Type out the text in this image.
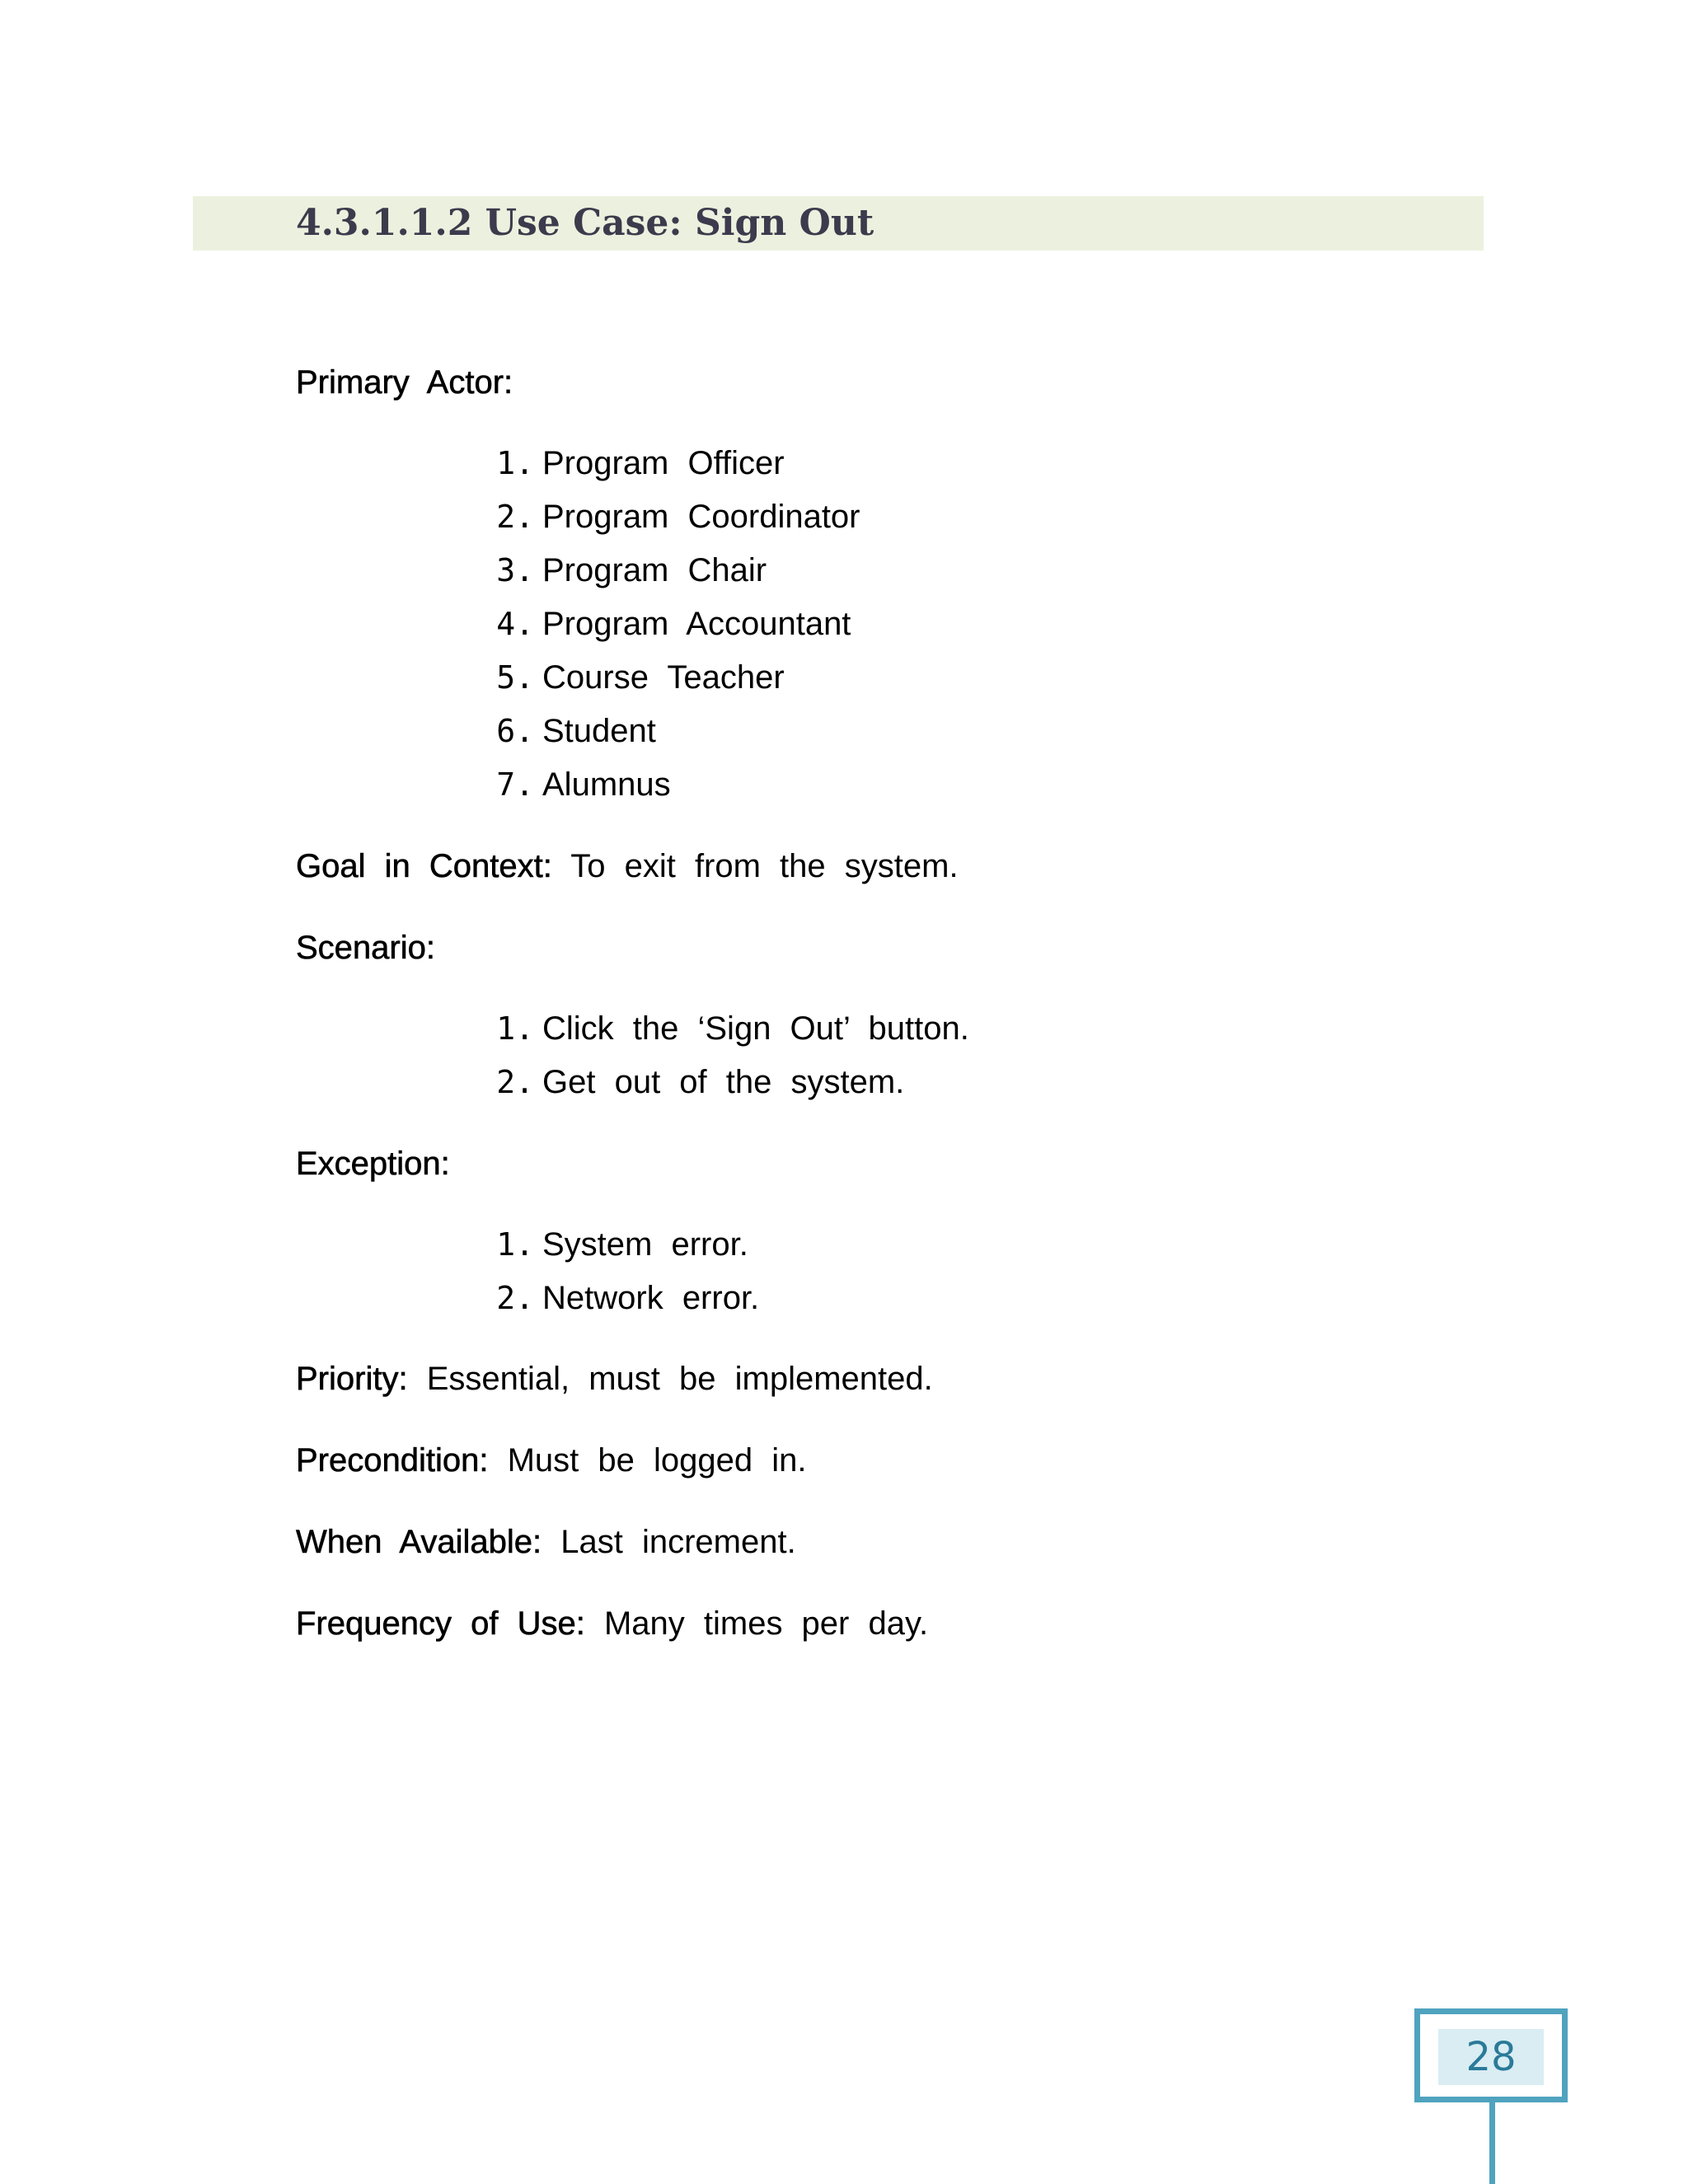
4.3.1.1.2 Use Case: Sign Out
Primary Actor:
1. Program Officer
2. Program Coordinator
3. Program Chair
4. Program Accountant
5. Course Teacher
6. Student
7. Alumnus
Goal in Context: To exit from the system.
Scenario:
1. Click the ‘Sign Out’ button.
2. Get out of the system.
Exception:
1. System error.
2. Network error.
Priority: Essential, must be implemented.
Precondition: Must be logged in.
When Available: Last increment.
Frequency of Use: Many times per day.
28
